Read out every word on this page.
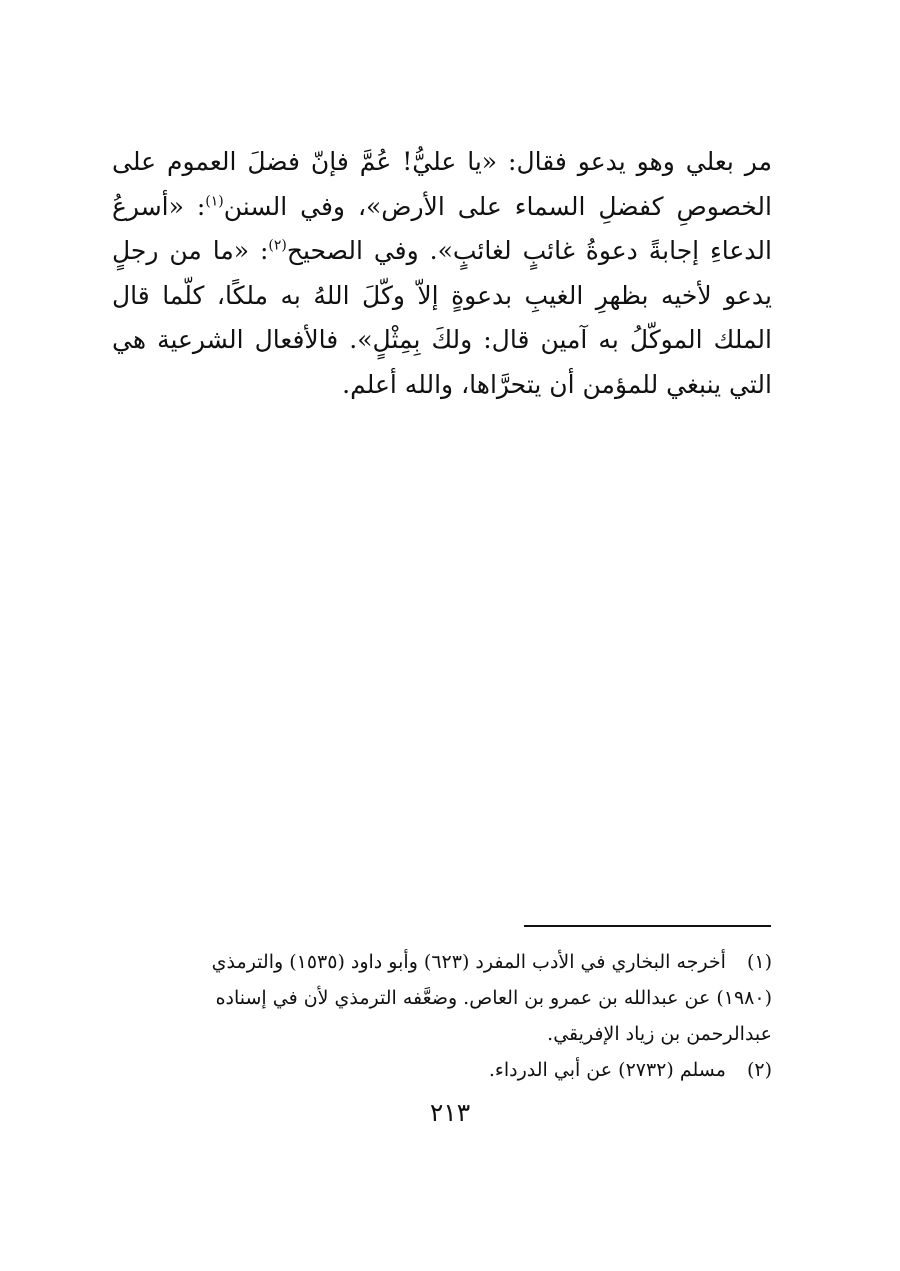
مر بعلي وهو يدعو فقال: «يا عليُّ! عُمَّ فإنّ فضلَ العموم على
الخصوصِ كفضلِ السماء على الأرض»، وفي السنن$^{(١)}$: «أسرعُ
الدعاءِ إجابةً دعوةُ غائبٍ لغائبٍ». وفي الصحيح$^{(٢)}$: «ما من رجلٍ
يدعو لأخيه بظهرِ الغيبِ بدعوةٍ إلاّ وكّلَ اللهُ به ملكًا، كلّما قال
الملك الموكّلُ به آمين قال: ولكَ بِمِثْلٍ». فالأفعال الشرعية هي
التي ينبغي للمؤمن أن يتحرَّاها، والله أعلم.
(١)  أخرجه البخاري في الأدب المفرد (٦٢٣) وأبو داود (١٥٣٥) والترمذي
(١٩٨٠) عن عبدالله بن عمرو بن العاص. وضعَّفه الترمذي لأن في إسناده
عبدالرحمن بن زياد الإفريقي.
(٢)  مسلم (٢٧٣٢) عن أبي الدرداء.
٢١٣
